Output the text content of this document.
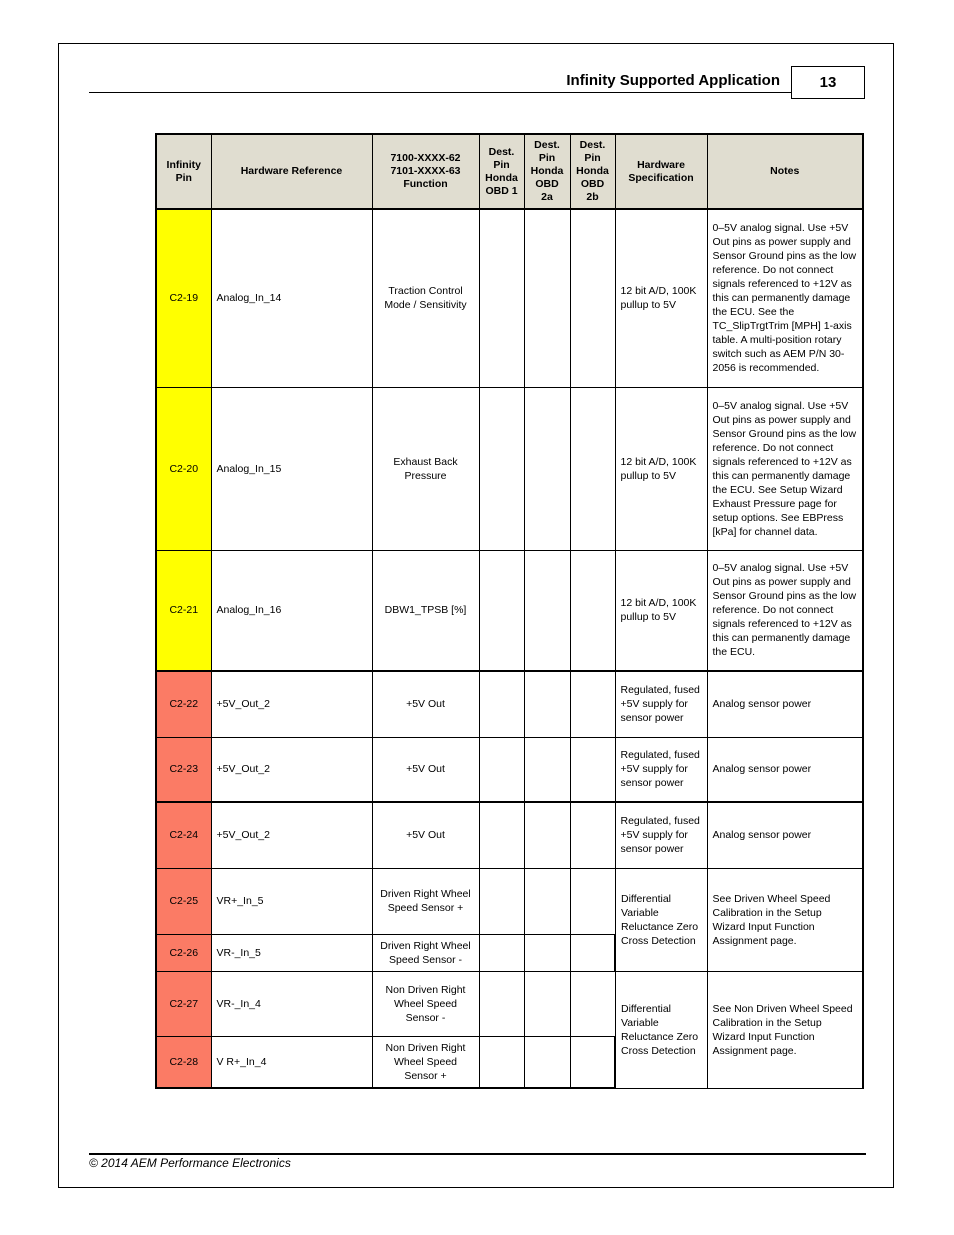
Infinity Supported Application	13
Infinity Pin	Hardware Reference	7100-XXXX-62 7101-XXXX-63 Function	Dest. Pin Honda OBD 1	Dest. Pin Honda OBD 2a	Dest. Pin Honda OBD 2b	Hardware Specification	Notes
C2-19	Analog_In_14	Traction Control Mode / Sensitivity				12 bit A/D, 100K pullup to 5V	0–5V analog signal. Use +5V Out pins as power supply and Sensor Ground pins as the low reference. Do not connect signals referenced to +12V as this can permanently damage the ECU. See the TC_SlipTrgtTrim [MPH] 1-axis table. A multi-position rotary switch such as AEM P/N 30-2056 is recommended.
C2-20	Analog_In_15	Exhaust Back Pressure				12 bit A/D, 100K pullup to 5V	0–5V analog signal. Use +5V Out pins as power supply and Sensor Ground pins as the low reference. Do not connect signals referenced to +12V as this can permanently damage the ECU. See Setup Wizard Exhaust Pressure page for setup options. See EBPress [kPa] for channel data.
C2-21	Analog_In_16	DBW1_TPSB [%]				12 bit A/D, 100K pullup to 5V	0–5V analog signal. Use +5V Out pins as power supply and Sensor Ground pins as the low reference. Do not connect signals referenced to +12V as this can permanently damage the ECU.
C2-22	+5V_Out_2	+5V Out				Regulated, fused +5V supply for sensor power	Analog sensor power
C2-23	+5V_Out_2	+5V Out				Regulated, fused +5V supply for sensor power	Analog sensor power
C2-24	+5V_Out_2	+5V Out				Regulated, fused +5V supply for sensor power	Analog sensor power
C2-25	VR+_In_5	Driven Right Wheel Speed Sensor +				Differential Variable Reluctance Zero Cross Detection	See Driven Wheel Speed Calibration in the Setup Wizard Input Function Assignment page.
C2-26	VR-_In_5	Driven Right Wheel Speed Sensor -					
C2-27	VR-_In_4	Non Driven Right Wheel Speed Sensor -				Differential Variable Reluctance Zero Cross Detection	See Non Driven Wheel Speed Calibration in the Setup Wizard Input Function Assignment page.
C2-28	V R+_In_4	Non Driven Right Wheel Speed Sensor +					
© 2014 AEM Performance Electronics
